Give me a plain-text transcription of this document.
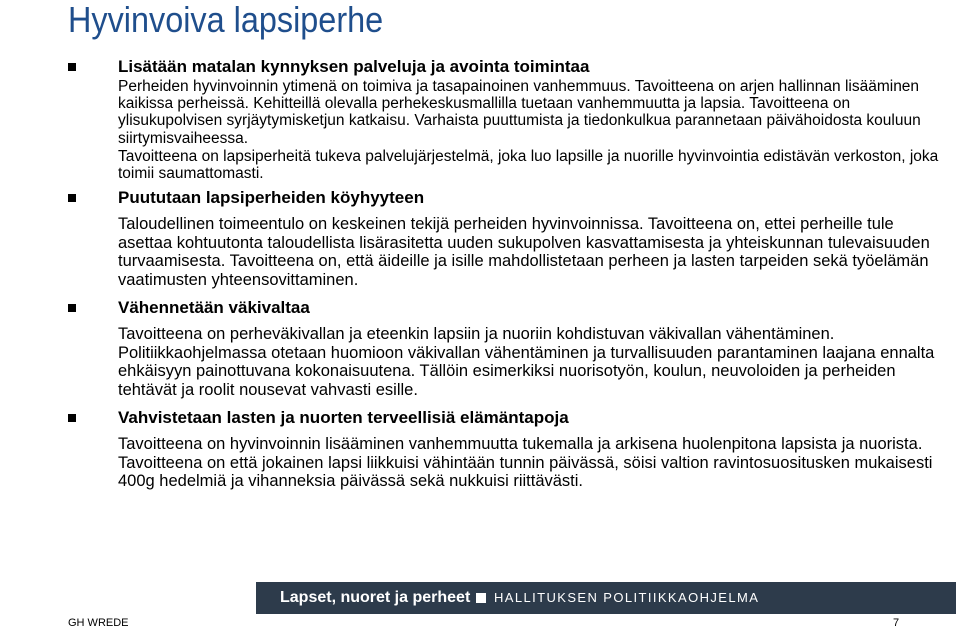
Hyvinvoiva lapsiperhe

Lisätään matalan kynnyksen palveluja ja avointa toimintaa

Perheiden hyvinvoinnin ytimenä on toimiva ja tasapainoinen vanhemmuus. Tavoitteena on arjen hallinnan lisääminen kaikissa perheissä. Kehitteillä olevalla perhekeskusmallilla tuetaan vanhemmuutta ja lapsia. Tavoitteena on ylisukupolvisen syrjäytymisketjun katkaisu. Varhaista puuttumista ja tiedonkulkua parannetaan päivähoidosta kouluun siirtymisvaiheessa.

Tavoitteena on lapsiperheitä tukeva palvelujärjestelmä, joka luo lapsille ja nuorille hyvinvointia edistävän verkoston, joka toimii saumattomasti.

Puututaan lapsiperheiden köyhyyteen

Taloudellinen toimeentulo on keskeinen tekijä perheiden hyvinvoinnissa. Tavoitteena on, ettei perheille tule asettaa kohtuutonta taloudellista lisärasitetta uuden sukupolven kasvattamisesta ja yhteiskunnan tulevaisuuden turvaamisesta. Tavoitteena on, että äideille ja isille mahdollistetaan perheen ja lasten tarpeiden sekä työelämän vaatimusten yhteensovittaminen.

Vähennetään väkivaltaa

Tavoitteena on perheväkivallan ja eteenkin lapsiin ja nuoriin kohdistuvan väkivallan vähentäminen. Politiikkaohjelmassa otetaan huomioon väkivallan vähentäminen ja turvallisuuden parantaminen laajana ennalta ehkäisyyn painottuvana kokonaisuutena. Tällöin esimerkiksi nuorisotyön, koulun, neuvoloiden ja perheiden tehtävät ja roolit nousevat vahvasti esille.

Vahvistetaan lasten ja nuorten terveellisiä elämäntapoja

Tavoitteena on hyvinvoinnin lisääminen vanhemmuutta tukemalla ja arkisena huolenpitona lapsista ja nuorista. Tavoitteena on että jokainen lapsi liikkuisi vähintään tunnin päivässä, söisi valtion ravintosuositusken mukaisesti 400g hedelmiä ja vihanneksia päivässä sekä nukkuisi riittävästi.

Lapset, nuoret ja perheet HALLITUKSEN POLITIIKKAOHJELMA
GH WREDE	7
